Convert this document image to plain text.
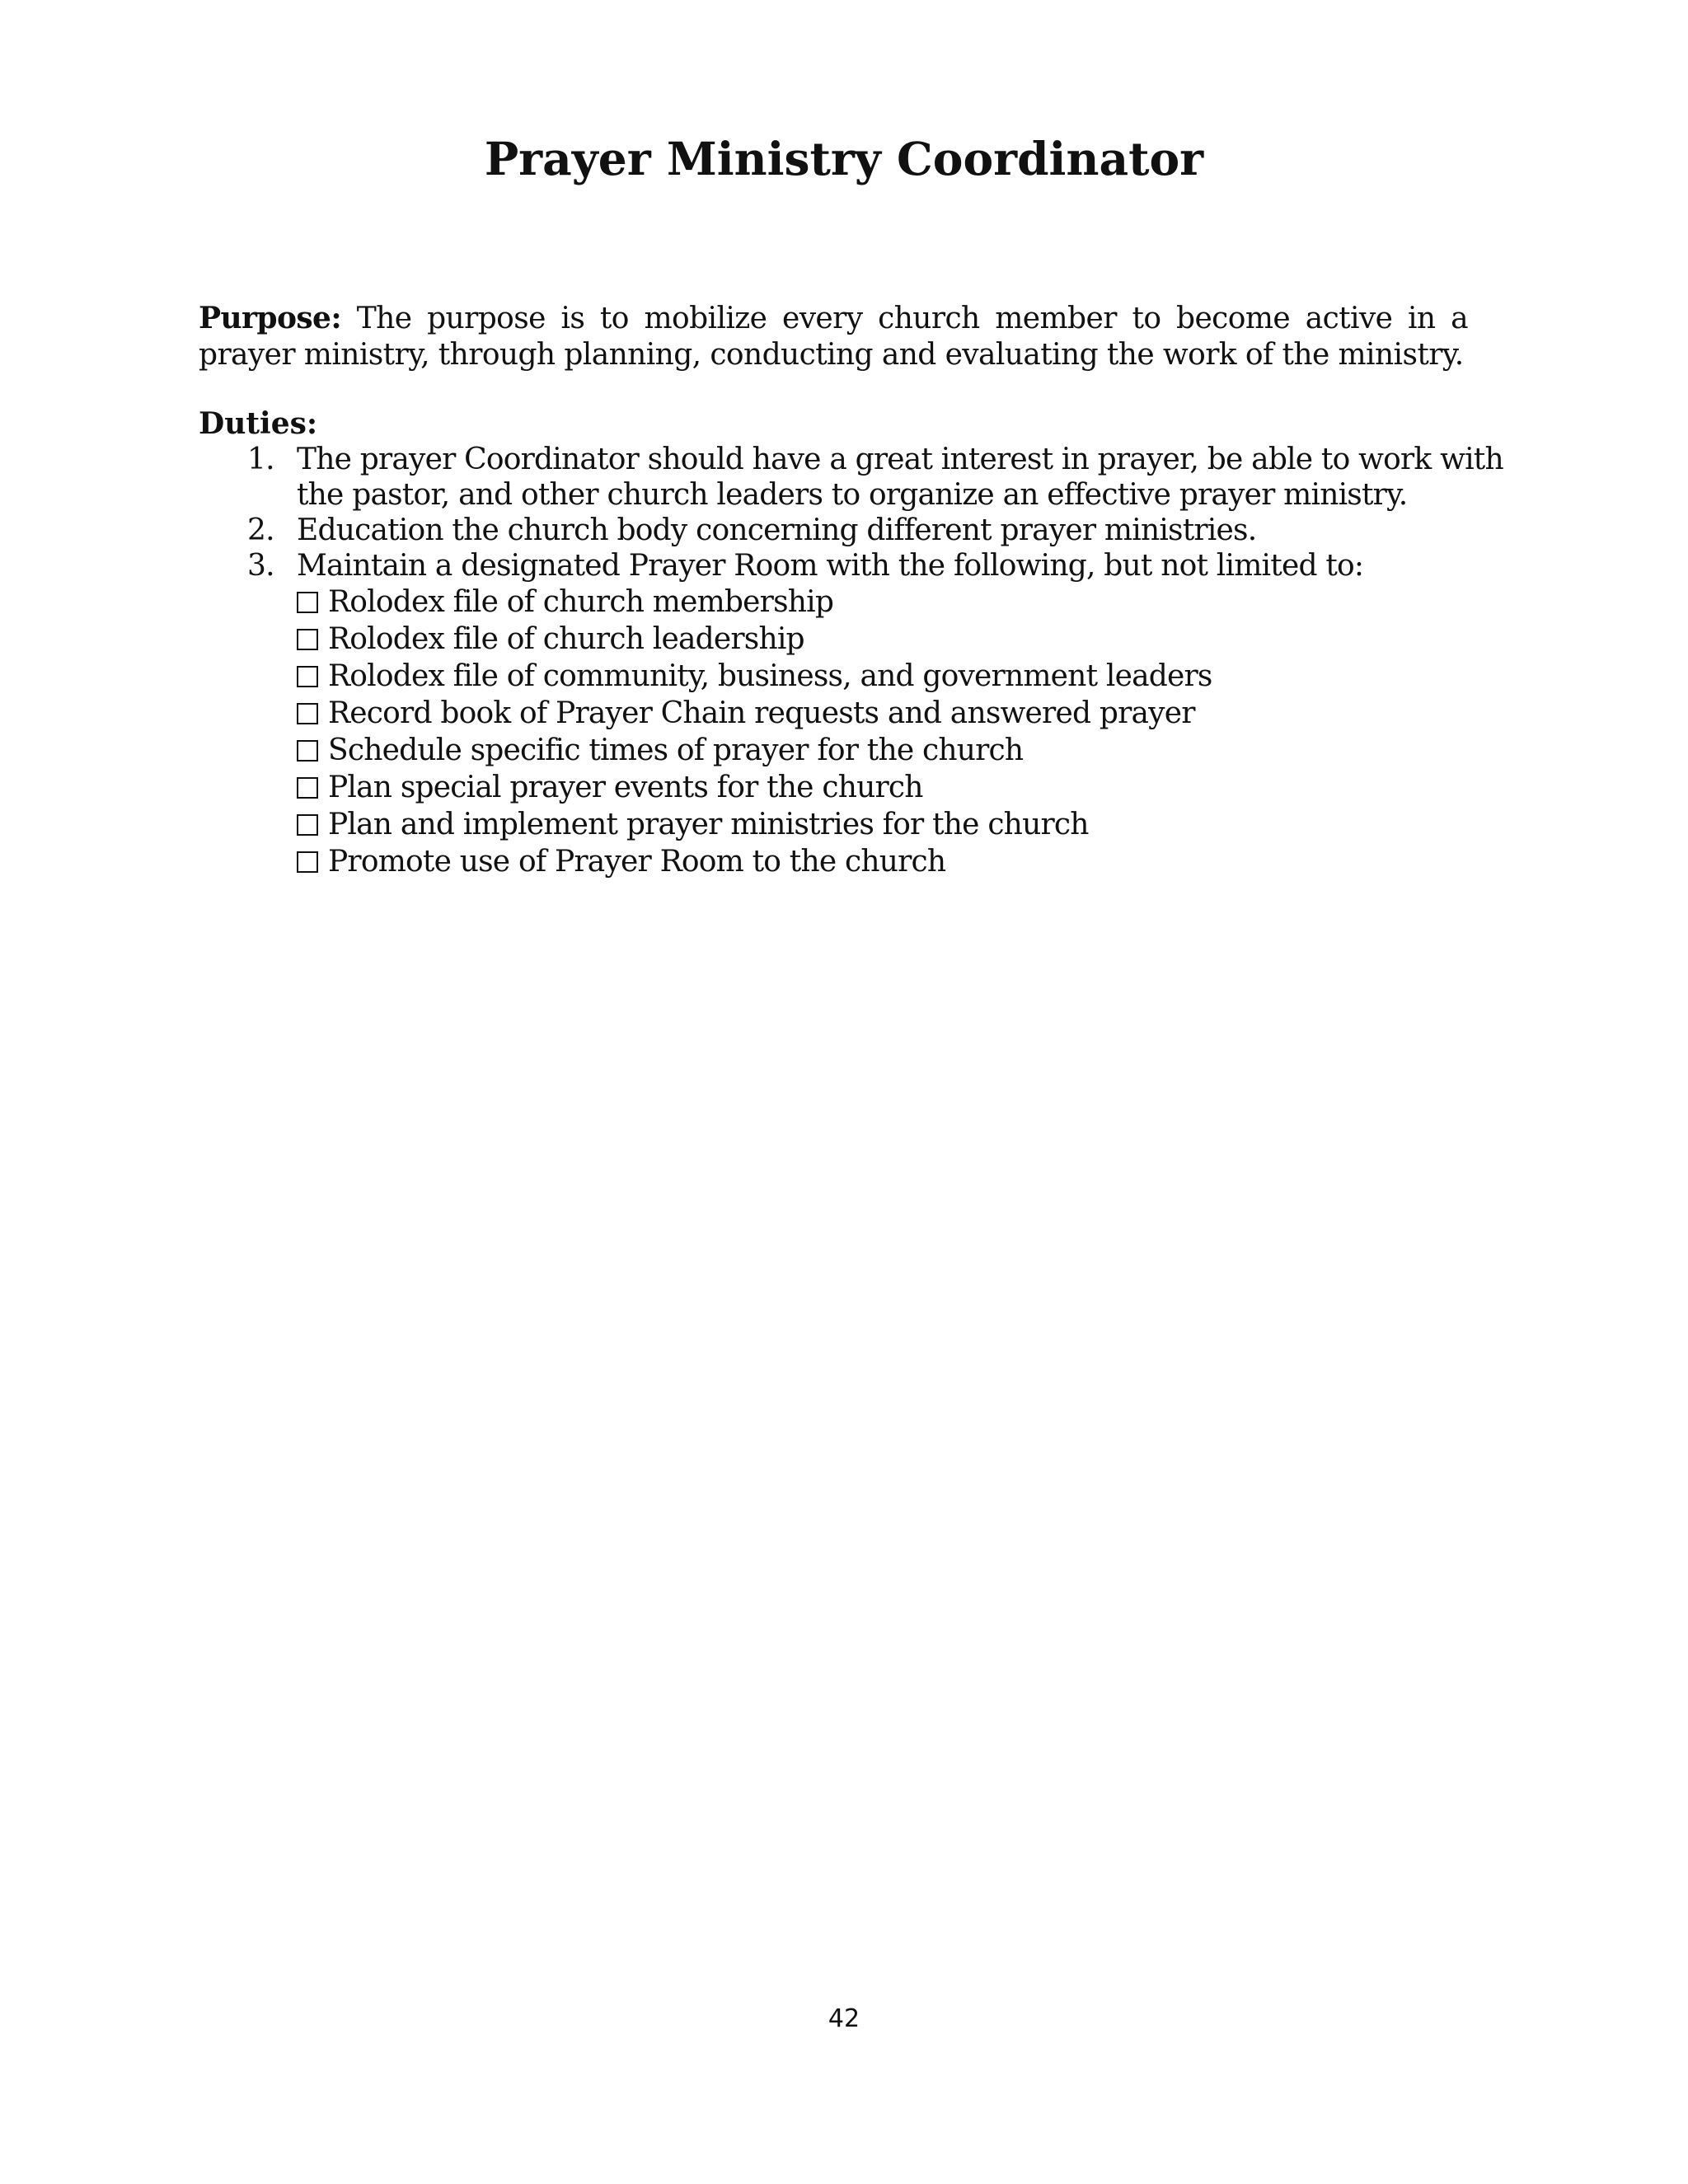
Prayer Ministry Coordinator

Purpose: The purpose is to mobilize every church member to become active in a prayer ministry, through planning, conducting and evaluating the work of the ministry.

Duties:
1. The prayer Coordinator should have a great interest in prayer, be able to work with the pastor, and other church leaders to organize an effective prayer ministry.
2. Education the church body concerning different prayer ministries.
3. Maintain a designated Prayer Room with the following, but not limited to:
Rolodex file of church membership
Rolodex file of church leadership
Rolodex file of community, business, and government leaders
Record book of Prayer Chain requests and answered prayer
Schedule specific times of prayer for the church
Plan special prayer events for the church
Plan and implement prayer ministries for the church
Promote use of Prayer Room to the church
42
